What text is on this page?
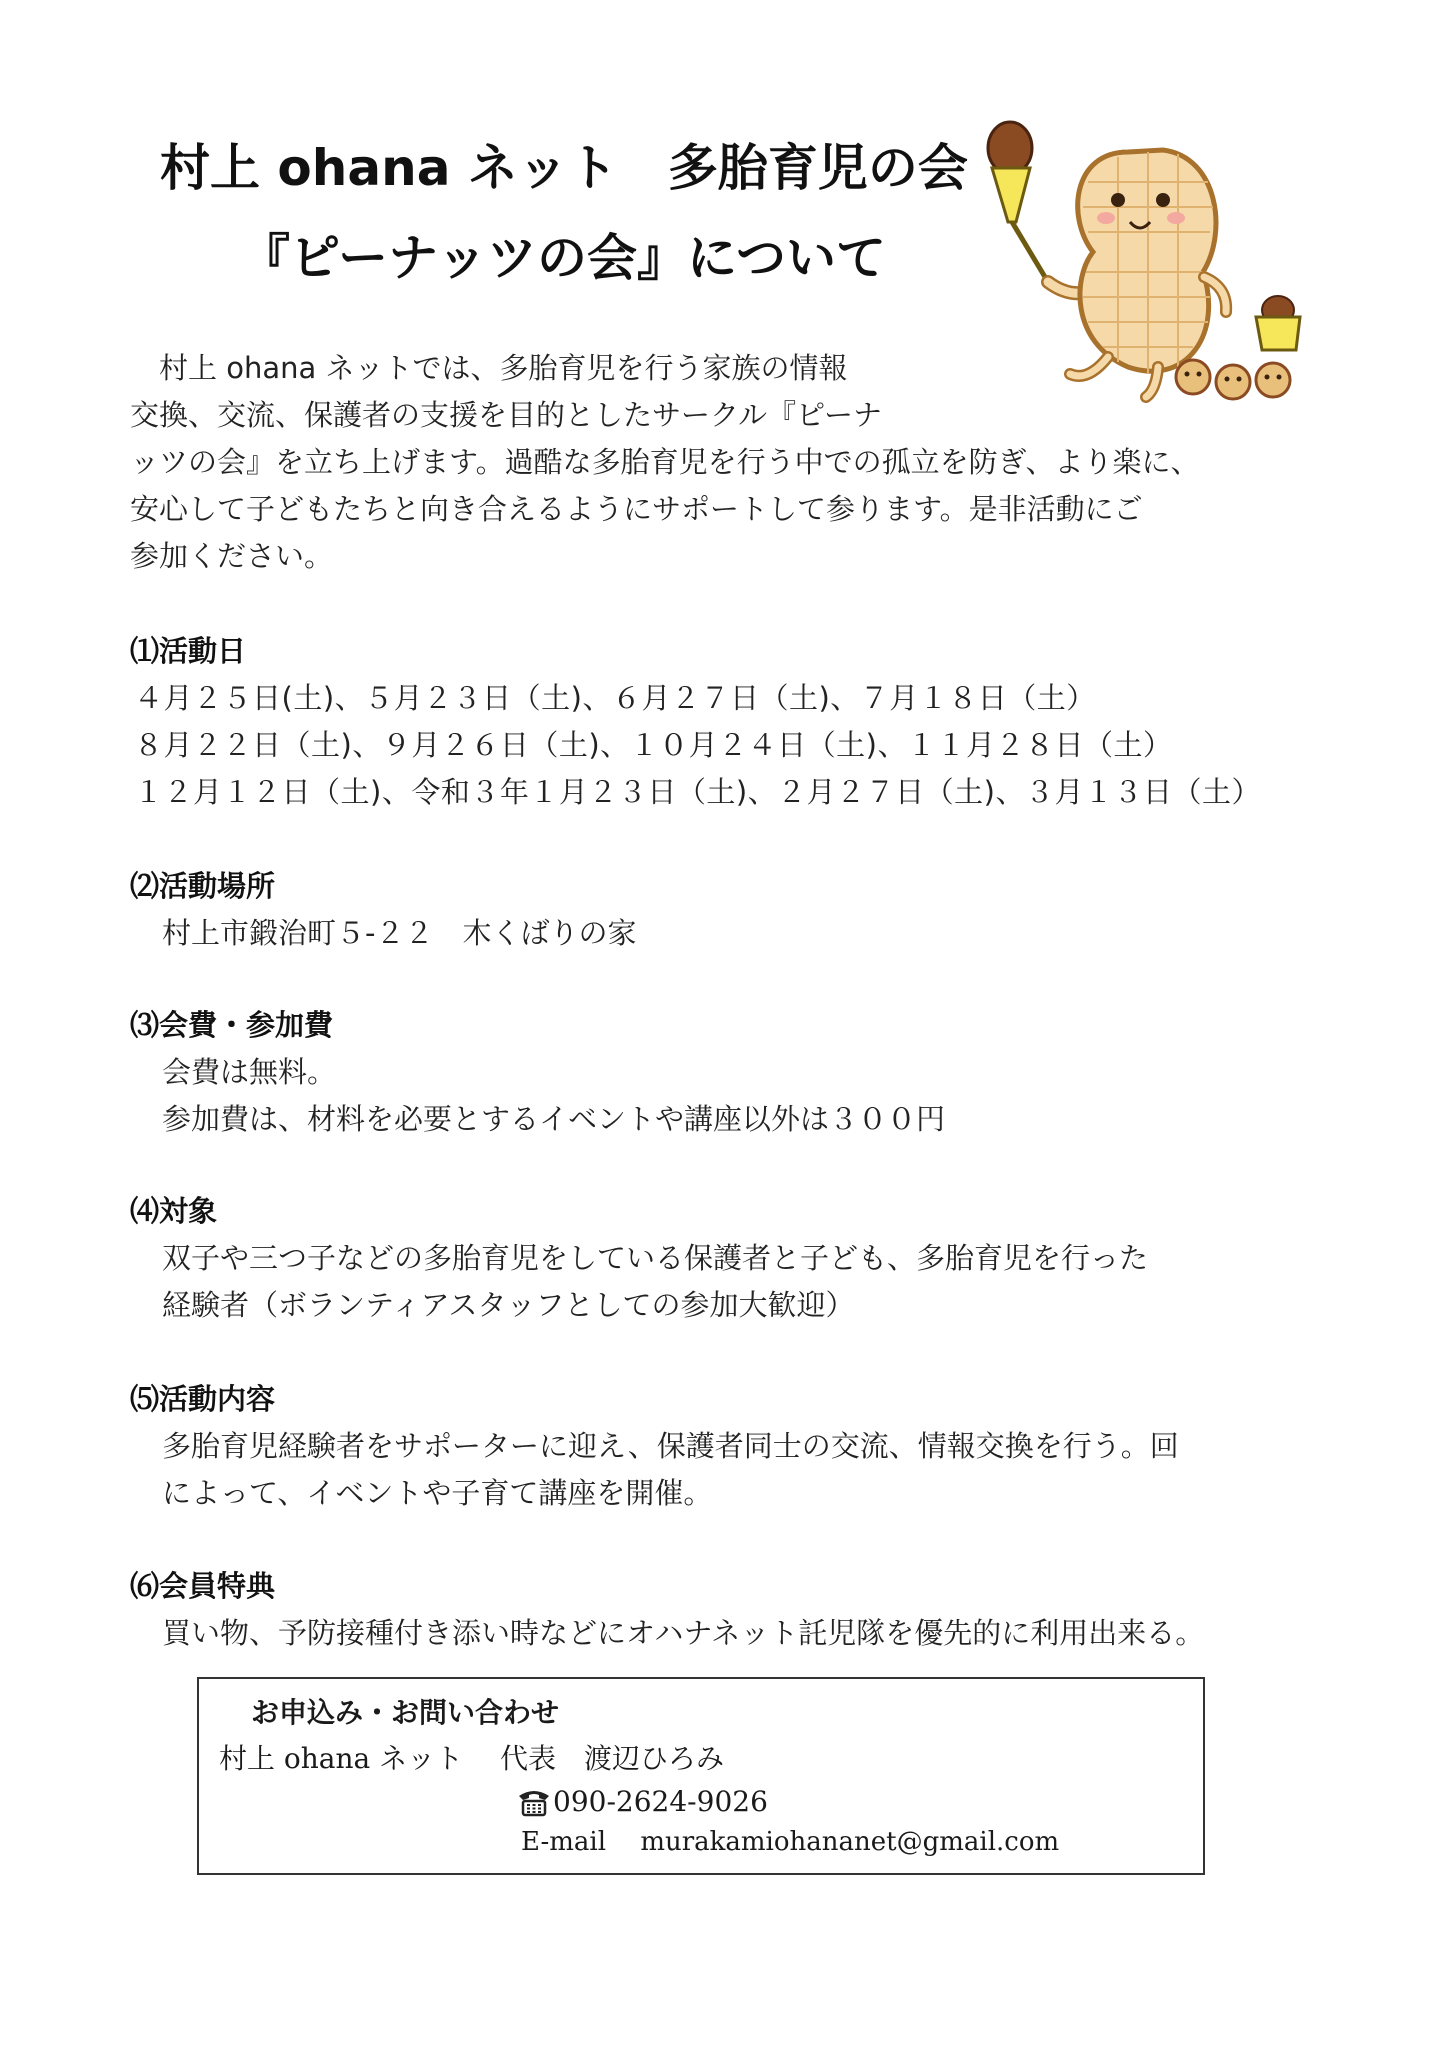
村上 ohana ネット　多胎育児の会
『ピーナッツの会』について

　村上 ohana ネットでは、多胎育児を行う家族の情報

交換、交流、保護者の支援を目的としたサークル『ピーナ

ッツの会』を立ち上げます。過酷な多胎育児を行う中での孤立を防ぎ、より楽に、

安心して子どもたちと向き合えるようにサポートして参ります。是非活動にご

参加ください。

⑴活動日

４月２５日(土)、５月２３日（土)、６月２７日（土)、７月１８日（土）

８月２２日（土)、９月２６日（土)、１０月２４日（土)、１１月２８日（土）

１２月１２日（土)、令和３年１月２３日（土)、２月２７日（土)、３月１３日（土）

⑵活動場所

村上市鍛治町５-２２　木くばりの家

⑶会費・参加費

会費は無料。

参加費は、材料を必要とするイベントや講座以外は３００円

⑷対象

双子や三つ子などの多胎育児をしている保護者と子ども、多胎育児を行った

経験者（ボランティアスタッフとしての参加大歓迎）

⑸活動内容

多胎育児経験者をサポーターに迎え、保護者同士の交流、情報交換を行う。回

によって、イベントや子育て講座を開催。

⑹会員特典

買い物、予防接種付き添い時などにオハナネット託児隊を優先的に利用出来る。

お申込み・お問い合わせ

村上 ohana ネット　 代表　渡辺ひろみ

090-2624-9026

E-mail murakamiohananet@gmail.com
